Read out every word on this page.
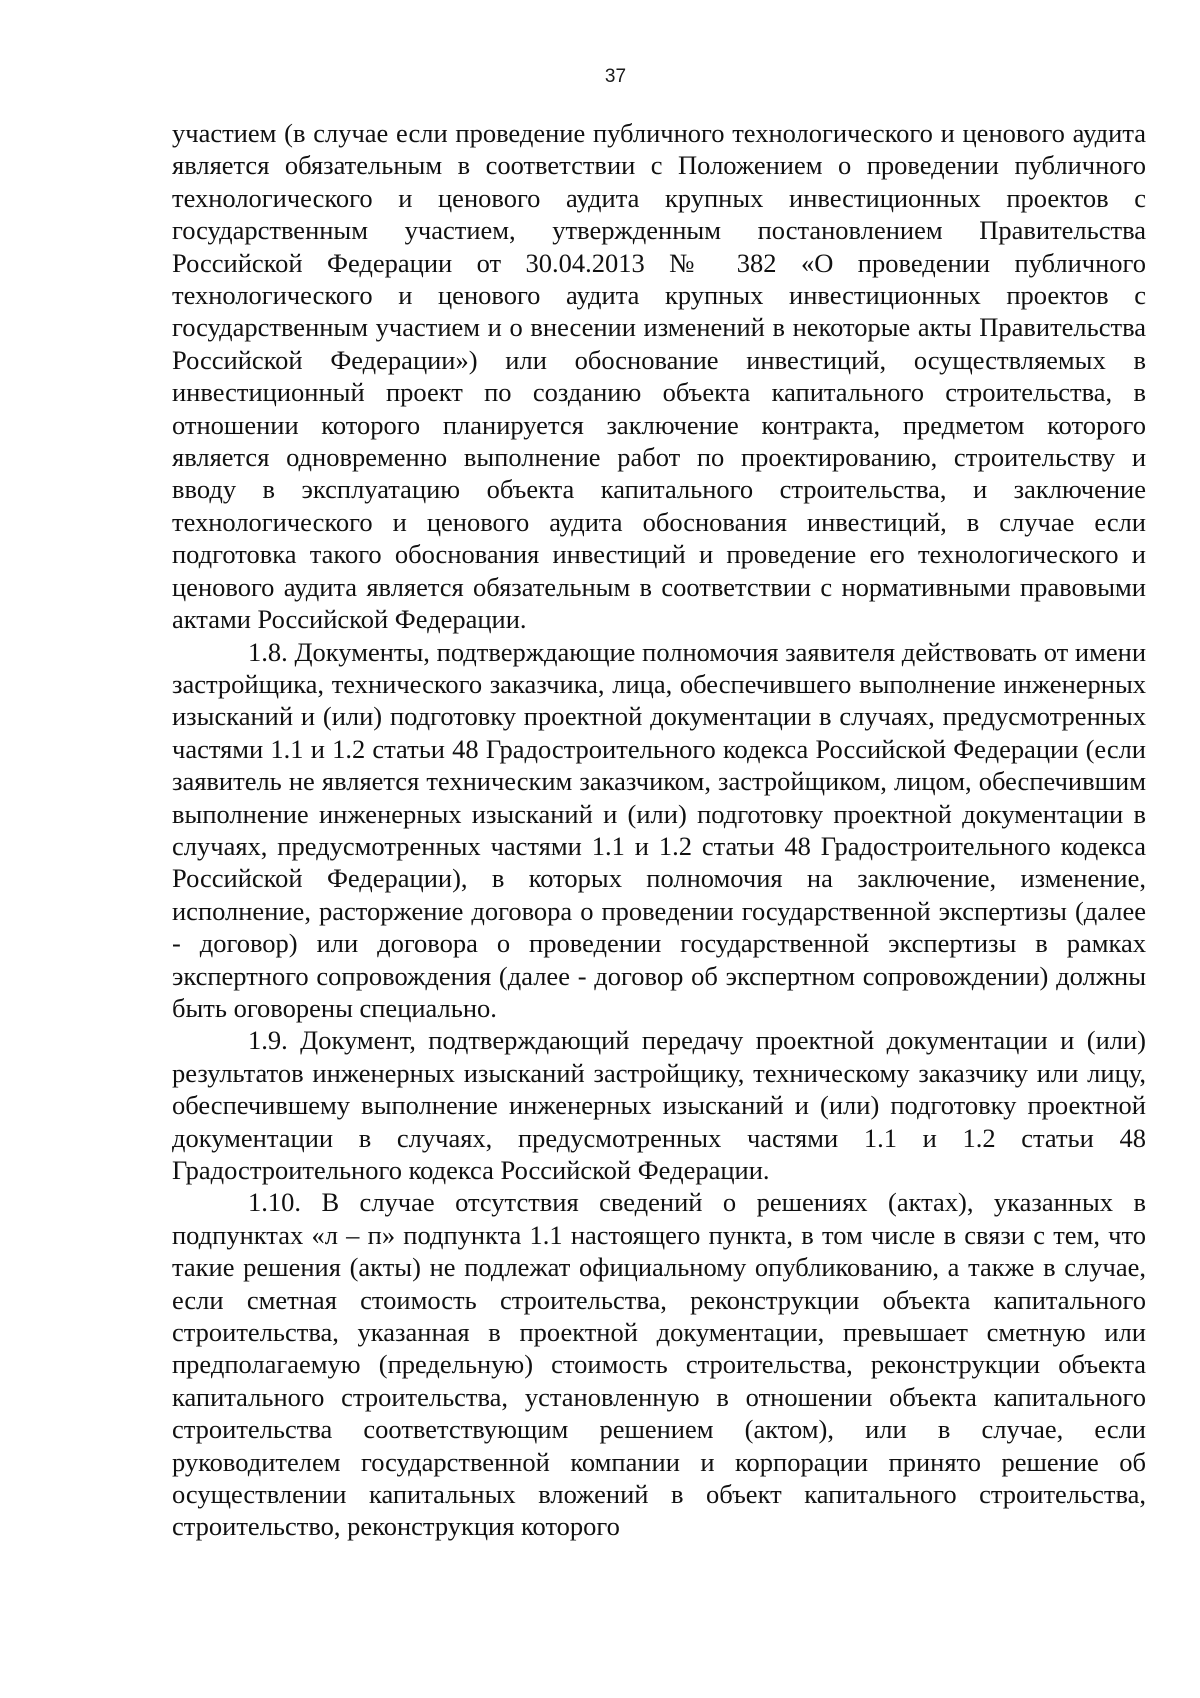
37

участием (в случае если проведение публичного технологического и ценового аудита является обязательным в соответствии с Положением о проведении публичного технологического и ценового аудита крупных инвестиционных проектов с государственным участием, утвержденным постановлением Правительства Российской Федерации от 30.04.2013 № 382 «О проведении публичного технологического и ценового аудита крупных инвестиционных проектов с государственным участием и о внесении изменений в некоторые акты Правительства Российской Федерации») или обоснование инвестиций, осуществляемых в инвестиционный проект по созданию объекта капитального строительства, в отношении которого планируется заключение контракта, предметом которого является одновременно выполнение работ по проектированию, строительству и вводу в эксплуатацию объекта капитального строительства, и заключение технологического и ценового аудита обоснования инвестиций, в случае если подготовка такого обоснования инвестиций и проведение его технологического и ценового аудита является обязательным в соответствии с нормативными правовыми актами Российской Федерации.

1.8. Документы, подтверждающие полномочия заявителя действовать от имени застройщика, технического заказчика, лица, обеспечившего выполнение инженерных изысканий и (или) подготовку проектной документации в случаях, предусмотренных частями 1.1 и 1.2 статьи 48 Градостроительного кодекса Российской Федерации (если заявитель не является техническим заказчиком, застройщиком, лицом, обеспечившим выполнение инженерных изысканий и (или) подготовку проектной документации в случаях, предусмотренных частями 1.1 и 1.2 статьи 48 Градостроительного кодекса Российской Федерации), в которых полномочия на заключение, изменение, исполнение, расторжение договора о проведении государственной экспертизы (далее - договор) или договора о проведении государственной экспертизы в рамках экспертного сопровождения (далее - договор об экспертном сопровождении) должны быть оговорены специально.

1.9. Документ, подтверждающий передачу проектной документации и (или) результатов инженерных изысканий застройщику, техническому заказчику или лицу, обеспечившему выполнение инженерных изысканий и (или) подготовку проектной документации в случаях, предусмотренных частями 1.1 и 1.2 статьи 48 Градостроительного кодекса Российской Федерации.

1.10. В случае отсутствия сведений о решениях (актах), указанных в подпунктах «л – п» подпункта 1.1 настоящего пункта, в том числе в связи с тем, что такие решения (акты) не подлежат официальному опубликованию, а также в случае, если сметная стоимость строительства, реконструкции объекта капитального строительства, указанная в проектной документации, превышает сметную или предполагаемую (предельную) стоимость строительства, реконструкции объекта капитального строительства, установленную в отношении объекта капитального строительства соответствующим решением (актом), или в случае, если руководителем государственной компании и корпорации принято решение об осуществлении капитальных вложений в объект капитального строительства, строительство, реконструкция которого
